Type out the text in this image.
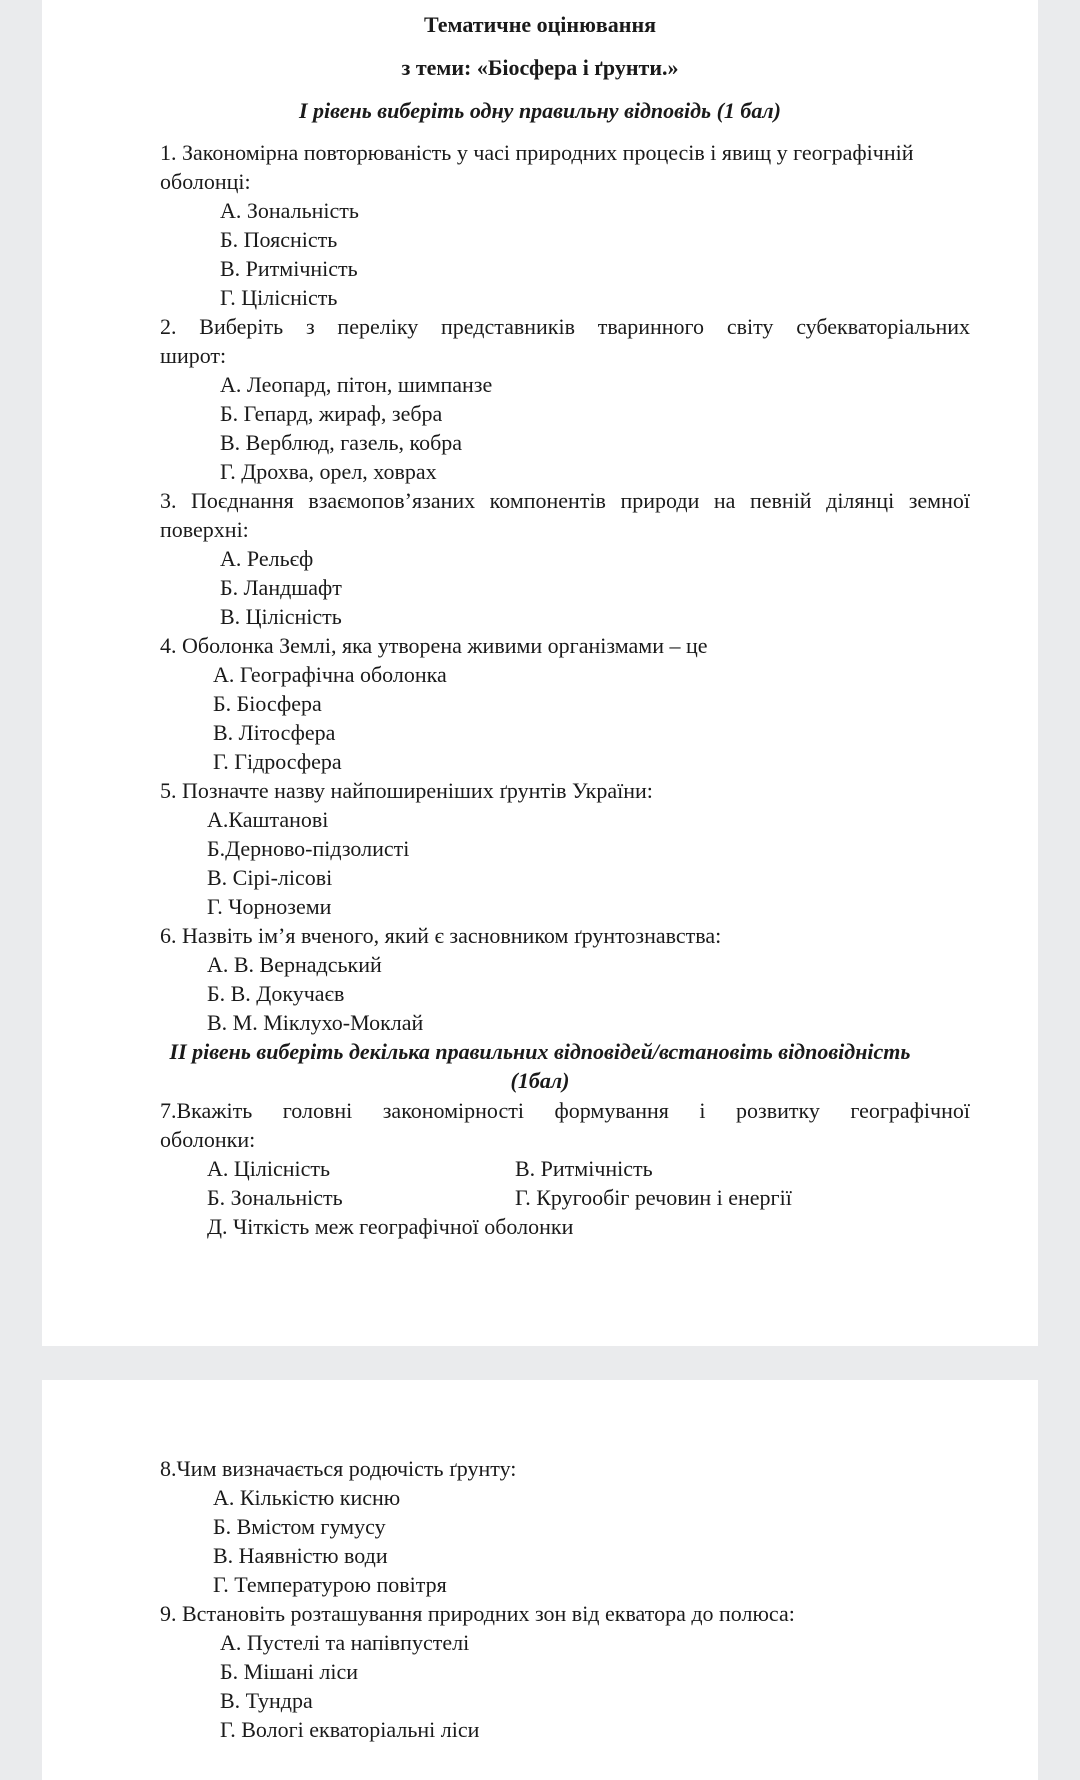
Тематичне оцінювання
з теми: «Біосфера і ґрунти.»
І рівень виберіть одну правильну відповідь (1 бал)
1. Закономірна повторюваність у часі природних процесів і явищ у географічній
оболонці:
А. Зональність
Б. Поясність
В. Ритмічність
Г. Цілісність
2. Виберіть з переліку представників тваринного світу субекваторіальних
широт:
А. Леопард, пітон, шимпанзе
Б. Гепард, жираф, зебра
В. Верблюд, газель, кобра
Г. Дрохва, орел, ховрах
3. Поєднання взаємопов’язаних компонентів природи на певній ділянці земної
поверхні:
А. Рельєф
Б. Ландшафт
В. Цілісність
4. Оболонка Землі, яка утворена живими організмами – це
А. Географічна оболонка
Б. Біосфера
В. Літосфера
Г. Гідросфера
5. Позначте назву найпоширеніших ґрунтів України:
А.Каштанові
Б.Дерново-підзолисті
В. Сірі-лісові
Г. Чорноземи
6. Назвіть ім’я вченого, який є засновником ґрунтознавства:
А. В. Вернадський
Б. В. Докучаєв
В. М. Міклухо-Моклай
ІІ рівень виберіть декілька правильних відповідей/встановіть відповідність
(1бал)
7.Вкажіть головні закономірності формування і розвитку географічної
оболонки:
А. Цілісність	В. Ритмічність
Б. Зональність	Г. Кругообіг речовин і енергії
Д. Чіткість меж географічної оболонки
8.Чим визначається родючість ґрунту:
А. Кількістю кисню
Б. Вмістом гумусу
В. Наявністю води
Г. Температурою повітря
9. Встановіть розташування природних зон від екватора до полюса:
А. Пустелі та напівпустелі
Б. Мішані ліси
В. Тундра
Г. Вологі екваторіальні ліси
